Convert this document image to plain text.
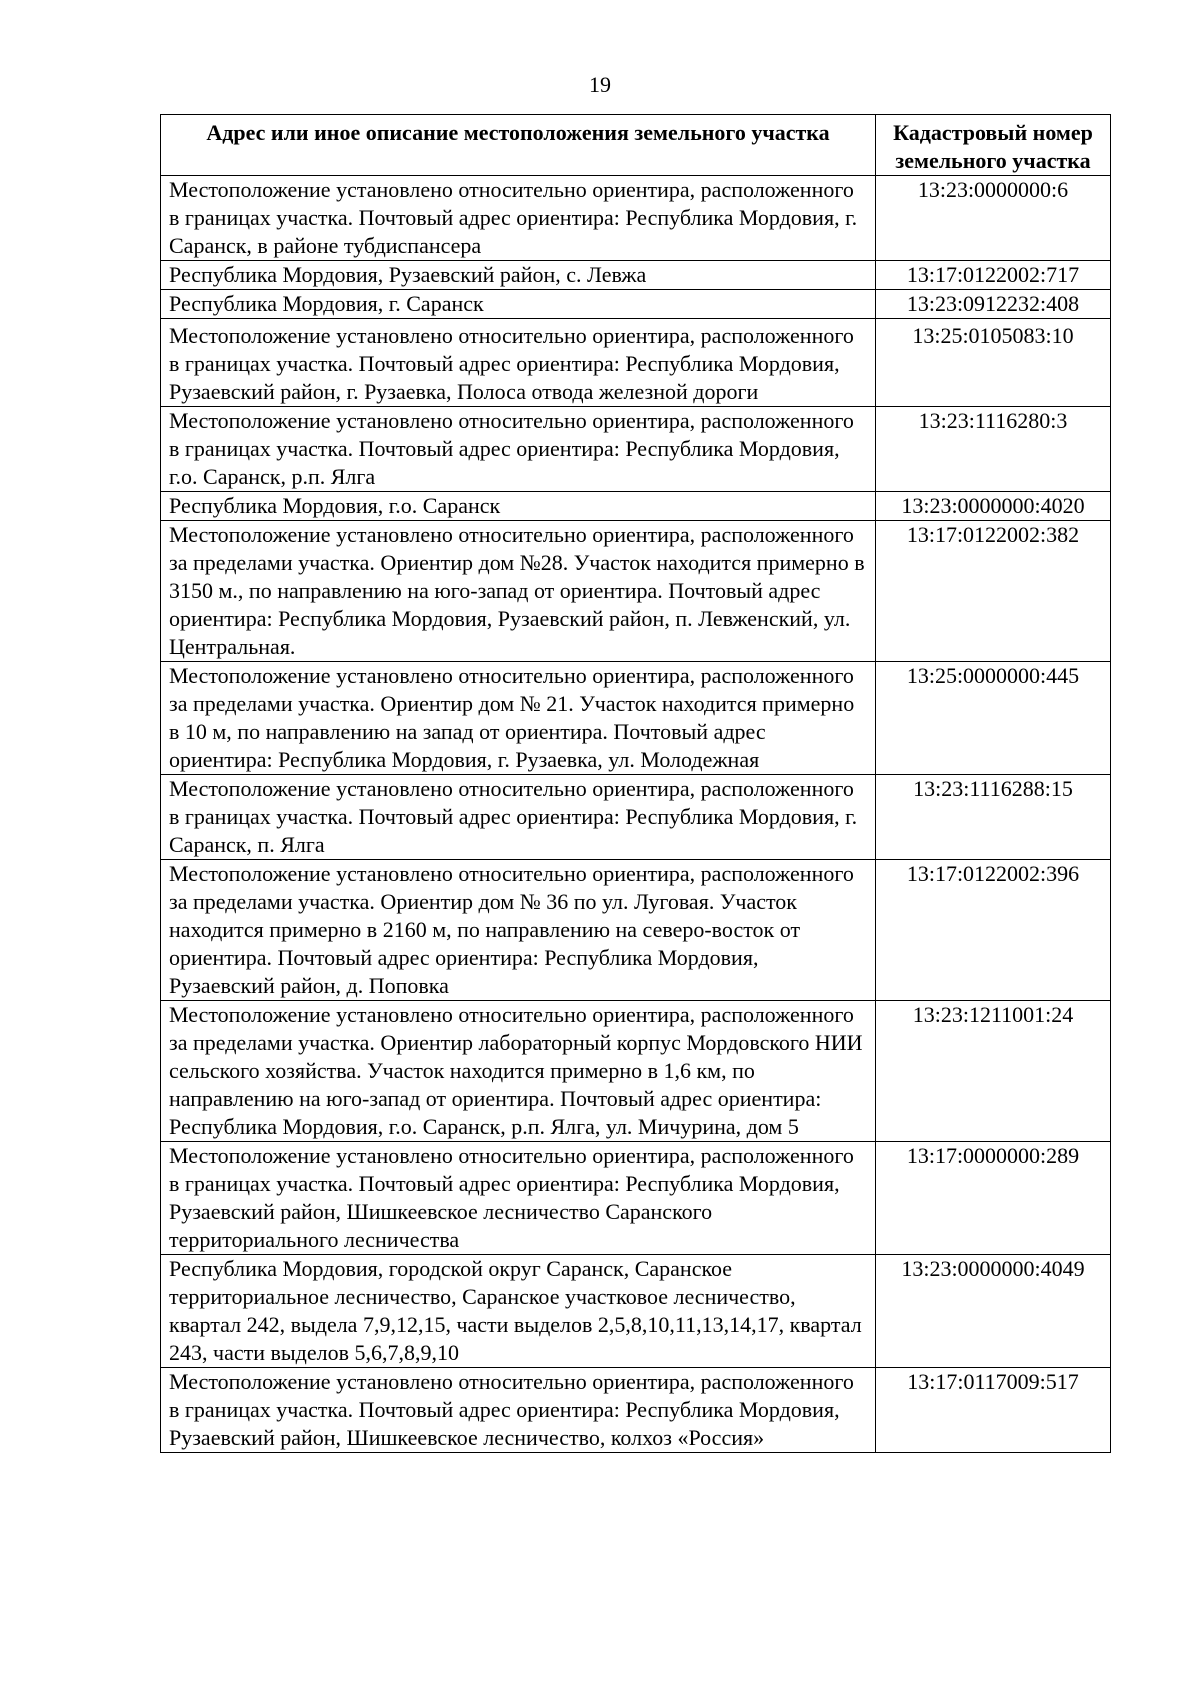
19
Адрес или иное описание местоположения земельного участка	Кадастровый номер земельного участка
Местоположение установлено относительно ориентира, расположенного в границах участка. Почтовый адрес ориентира: Республика Мордовия, г. Саранск, в районе тубдиспансера	13:23:0000000:6
Республика Мордовия, Рузаевский район, с. Левжа	13:17:0122002:717
Республика Мордовия, г. Саранск	13:23:0912232:408
Местоположение установлено относительно ориентира, расположенного в границах участка. Почтовый адрес ориентира: Республика Мордовия, Рузаевский район, г. Рузаевка, Полоса отвода железной дороги	13:25:0105083:10
Местоположение установлено относительно ориентира, расположенного в границах участка. Почтовый адрес ориентира: Республика Мордовия, г.о. Саранск, р.п. Ялга	13:23:1116280:3
Республика Мордовия, г.о. Саранск	13:23:0000000:4020
Местоположение установлено относительно ориентира, расположенного за пределами участка. Ориентир дом №28. Участок находится примерно в 3150 м., по направлению на юго-запад от ориентира. Почтовый адрес ориентира: Республика Мордовия, Рузаевский район, п. Левженский, ул. Центральная.	13:17:0122002:382
Местоположение установлено относительно ориентира, расположенного за пределами участка. Ориентир дом № 21. Участок находится примерно в 10 м, по направлению на запад от ориентира. Почтовый адрес ориентира: Республика Мордовия, г. Рузаевка, ул. Молодежная	13:25:0000000:445
Местоположение установлено относительно ориентира, расположенного в границах участка. Почтовый адрес ориентира: Республика Мордовия, г. Саранск, п. Ялга	13:23:1116288:15
Местоположение установлено относительно ориентира, расположенного за пределами участка. Ориентир дом № 36 по ул. Луговая. Участок находится примерно в 2160 м, по направлению на северо-восток от ориентира. Почтовый адрес ориентира: Республика Мордовия, Рузаевский район, д. Поповка	13:17:0122002:396
Местоположение установлено относительно ориентира, расположенного за пределами участка. Ориентир лабораторный корпус Мордовского НИИ сельского хозяйства. Участок находится примерно в 1,6 км, по направлению на юго-запад от ориентира. Почтовый адрес ориентира: Республика Мордовия, г.о. Саранск, р.п. Ялга, ул. Мичурина, дом 5	13:23:1211001:24
Местоположение установлено относительно ориентира, расположенного в границах участка. Почтовый адрес ориентира: Республика Мордовия, Рузаевский район, Шишкеевское лесничество Саранского территориального лесничества	13:17:0000000:289
Республика Мордовия, городской округ Саранск, Саранское территориальное лесничество, Саранское участковое лесничество, квартал 242, выдела 7,9,12,15, части выделов 2,5,8,10,11,13,14,17, квартал 243, части выделов 5,6,7,8,9,10	13:23:0000000:4049
Местоположение установлено относительно ориентира, расположенного в границах участка. Почтовый адрес ориентира: Республика Мордовия, Рузаевский район, Шишкеевское лесничество, колхоз «Россия»	13:17:0117009:517
